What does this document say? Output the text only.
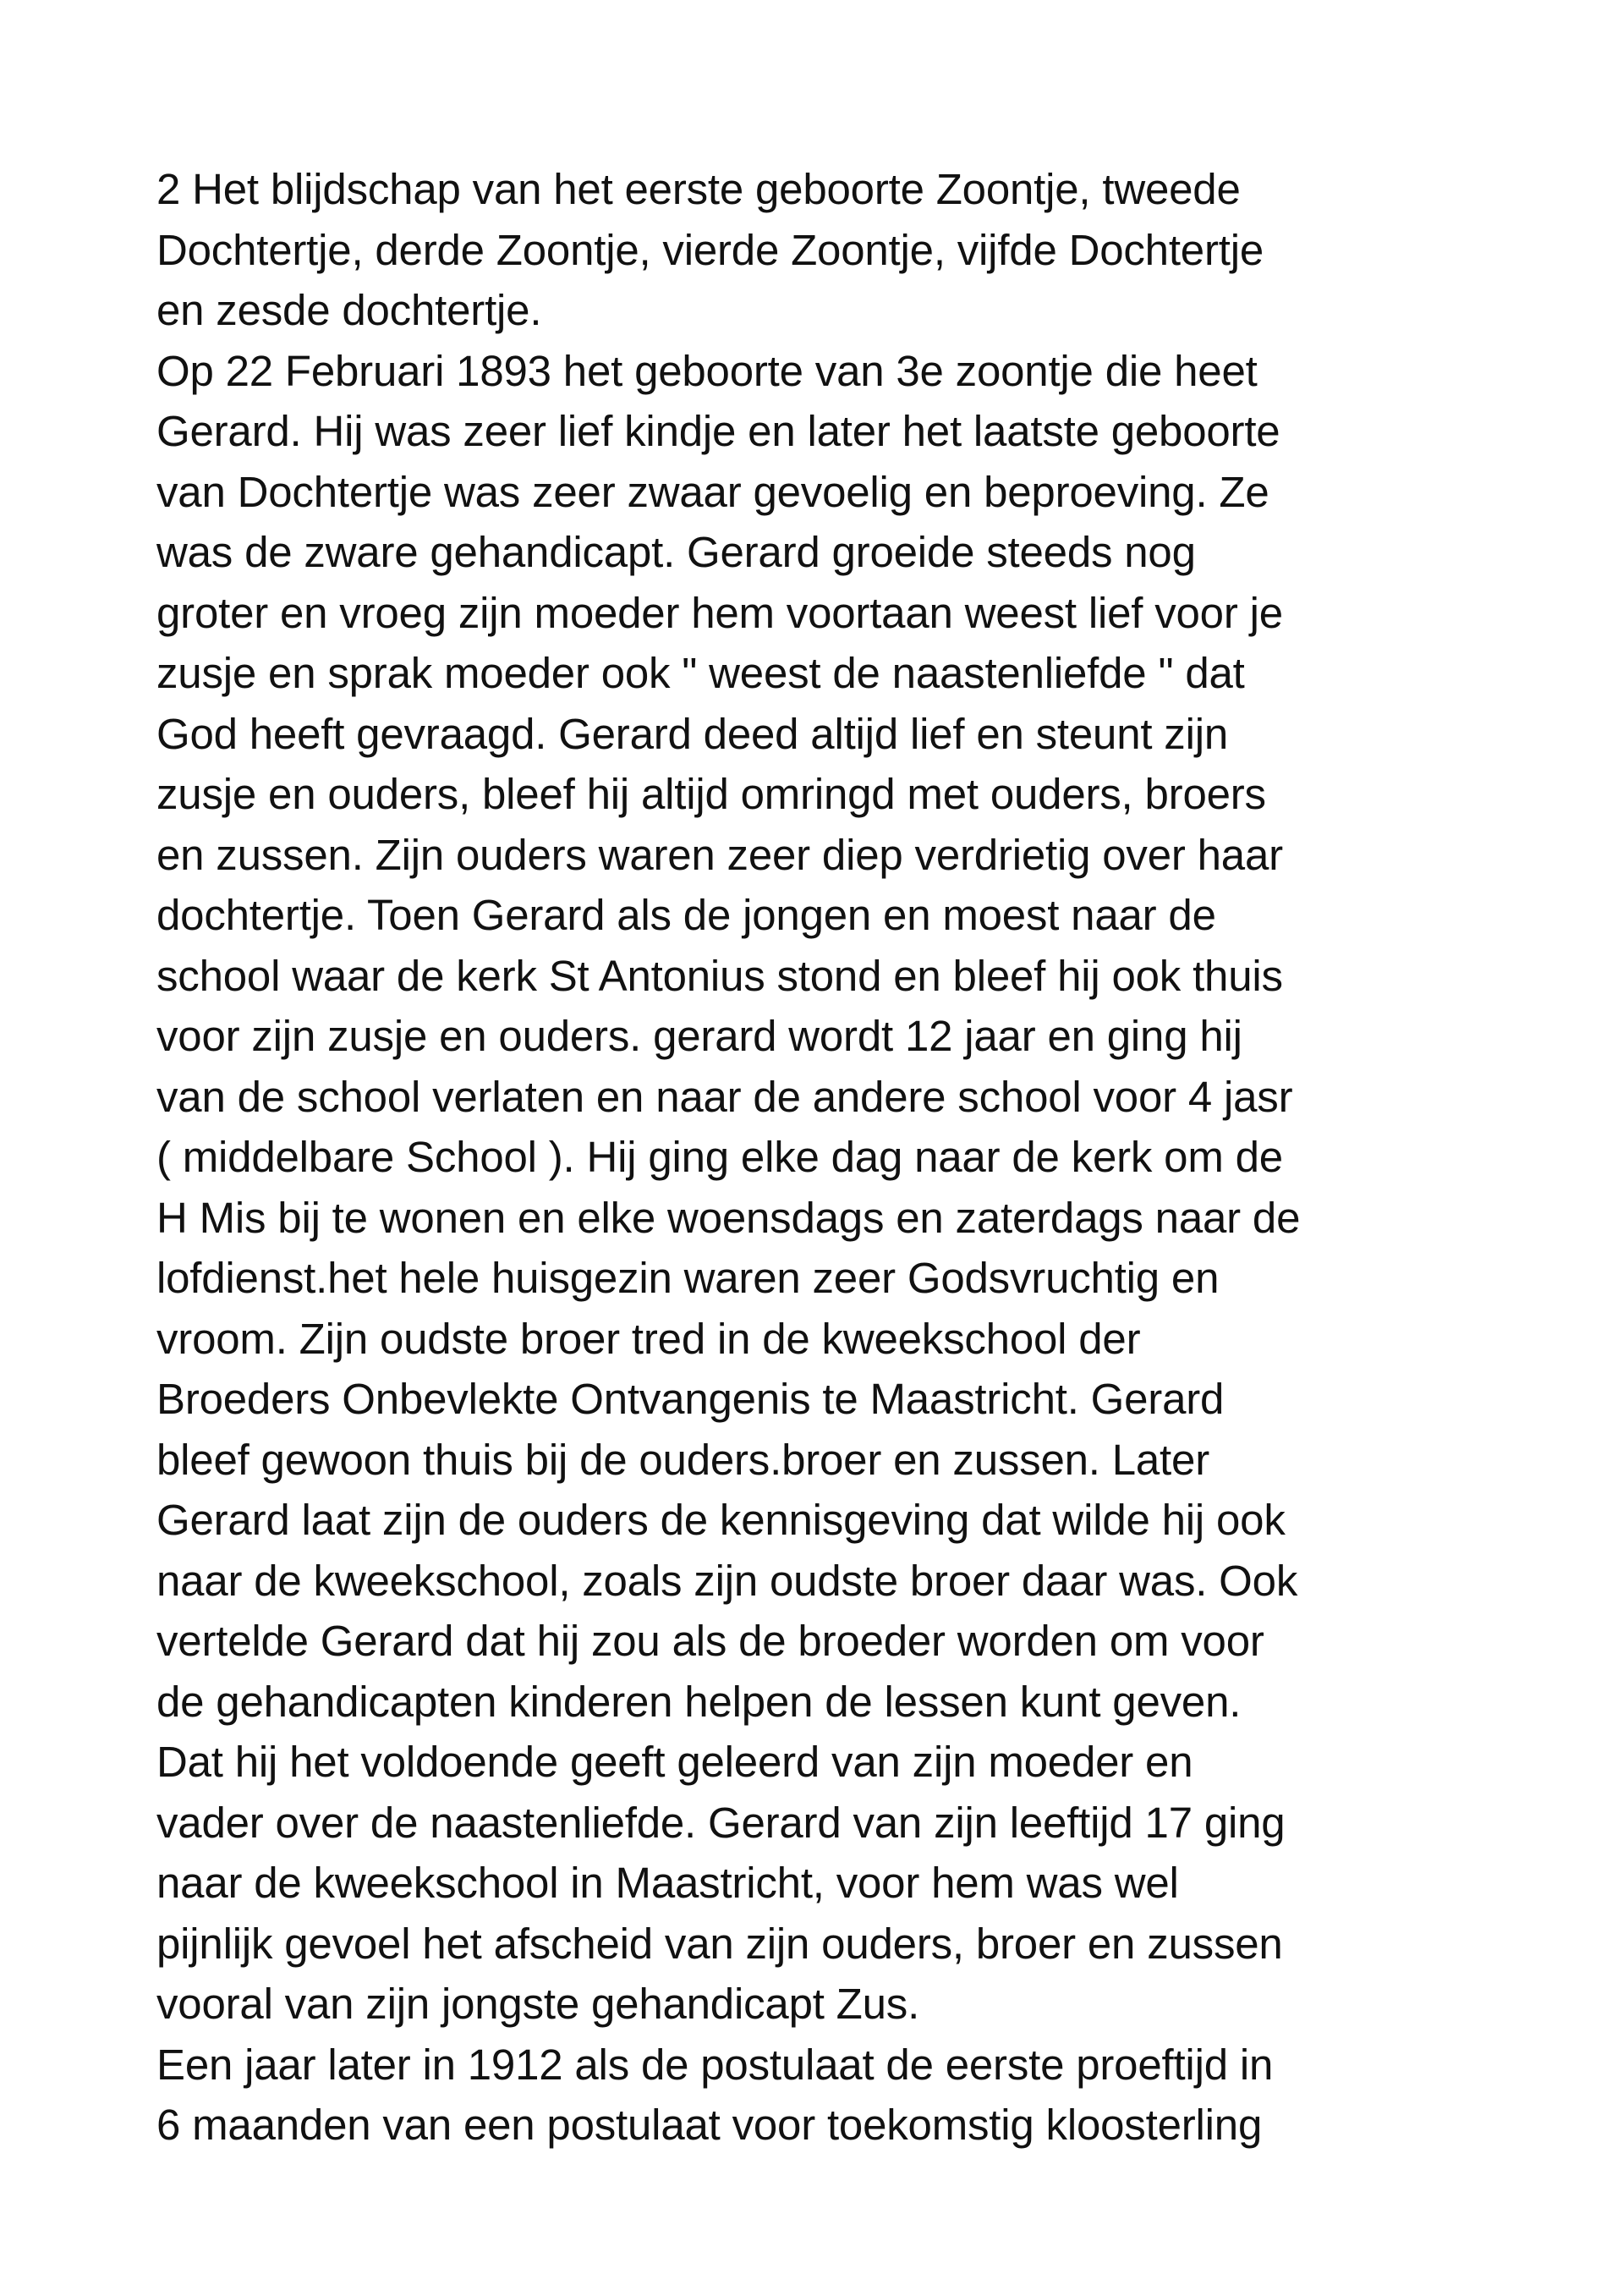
2 Het blijdschap van het eerste geboorte Zoontje, tweede
Dochtertje, derde Zoontje, vierde Zoontje, vijfde Dochtertje
en zesde dochtertje.
Op 22 Februari 1893 het geboorte van 3e zoontje die heet
Gerard. Hij was zeer lief kindje en later het laatste geboorte
van Dochtertje was zeer zwaar gevoelig en beproeving. Ze
was de zware gehandicapt. Gerard groeide steeds nog
groter en vroeg zijn moeder hem voortaan weest lief voor je
zusje en sprak moeder ook " weest de naastenliefde " dat
God heeft gevraagd. Gerard deed altijd lief en steunt zijn
zusje en ouders, bleef hij altijd omringd met ouders, broers
en zussen. Zijn ouders waren zeer diep verdrietig over haar
dochtertje. Toen Gerard als de jongen en moest naar de
school waar de kerk St Antonius stond en bleef hij ook thuis
voor zijn zusje en ouders. gerard wordt 12 jaar en ging hij
van de school verlaten en naar de andere school voor 4 jasr
( middelbare School ). Hij ging elke dag naar de kerk om de
H Mis bij te wonen en elke woensdags en zaterdags naar de
lofdienst.het hele huisgezin waren zeer Godsvruchtig en
vroom. Zijn oudste broer tred in de kweekschool der
Broeders Onbevlekte Ontvangenis te Maastricht. Gerard
bleef gewoon thuis bij de ouders.broer en zussen. Later
Gerard laat zijn de ouders de kennisgeving dat wilde hij ook
naar de kweekschool, zoals zijn oudste broer daar was. Ook
vertelde Gerard dat hij zou als de broeder worden om voor
de gehandicapten kinderen helpen de lessen kunt geven.
Dat hij het voldoende geeft geleerd van zijn moeder en
vader over de naastenliefde. Gerard van zijn leeftijd 17 ging
naar de kweekschool in Maastricht, voor hem was wel
pijnlijk gevoel het afscheid van zijn ouders, broer en zussen
vooral van zijn jongste gehandicapt Zus.
Een jaar later in 1912 als de postulaat de eerste proeftijd in
6 maanden van een postulaat voor toekomstig kloosterling
